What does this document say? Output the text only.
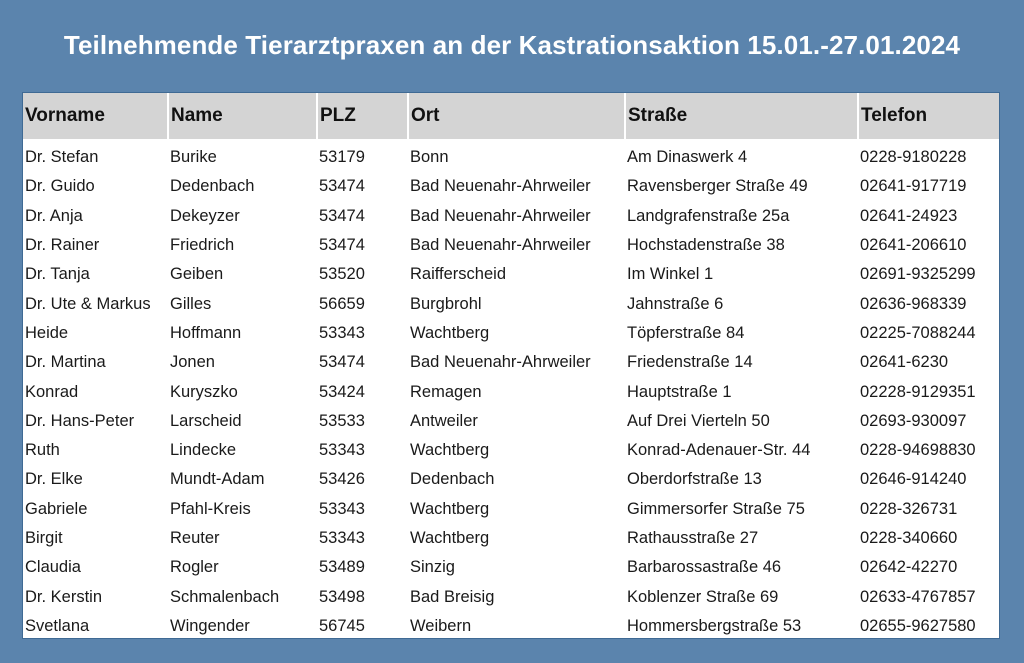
Teilnehmende Tierarztpraxen an der Kastrationsaktion 15.01.-27.01.2024
Vorname	Name	PLZ	Ort	Straße	Telefon
Dr. Stefan	Burike	53179	Bonn	Am Dinaswerk 4	0228-9180228
Dr. Guido	Dedenbach	53474	Bad Neuenahr-Ahrweiler	Ravensberger Straße 49	02641-917719
Dr. Anja	Dekeyzer	53474	Bad Neuenahr-Ahrweiler	Landgrafenstraße 25a	02641-24923
Dr. Rainer	Friedrich	53474	Bad Neuenahr-Ahrweiler	Hochstadenstraße 38	02641-206610
Dr. Tanja	Geiben	53520	Raifferscheid	Im Winkel 1	02691-9325299
Dr. Ute & Markus	Gilles	56659	Burgbrohl	Jahnstraße 6	02636-968339
Heide	Hoffmann	53343	Wachtberg	Töpferstraße 84	02225-7088244
Dr. Martina	Jonen	53474	Bad Neuenahr-Ahrweiler	Friedenstraße 14	02641-6230
Konrad	Kuryszko	53424	Remagen	Hauptstraße 1	02228-9129351
Dr. Hans-Peter	Larscheid	53533	Antweiler	Auf Drei Vierteln 50	02693-930097
Ruth	Lindecke	53343	Wachtberg	Konrad-Adenauer-Str. 44	0228-94698830
Dr. Elke	Mundt-Adam	53426	Dedenbach	Oberdorfstraße 13	02646-914240
Gabriele	Pfahl-Kreis	53343	Wachtberg	Gimmersorfer Straße 75	0228-326731
Birgit	Reuter	53343	Wachtberg	Rathausstraße 27	0228-340660
Claudia	Rogler	53489	Sinzig	Barbarossastraße 46	02642-42270
Dr. Kerstin	Schmalenbach	53498	Bad Breisig	Koblenzer Straße 69	02633-4767857
Svetlana	Wingender	56745	Weibern	Hommersbergstraße 53	02655-9627580
